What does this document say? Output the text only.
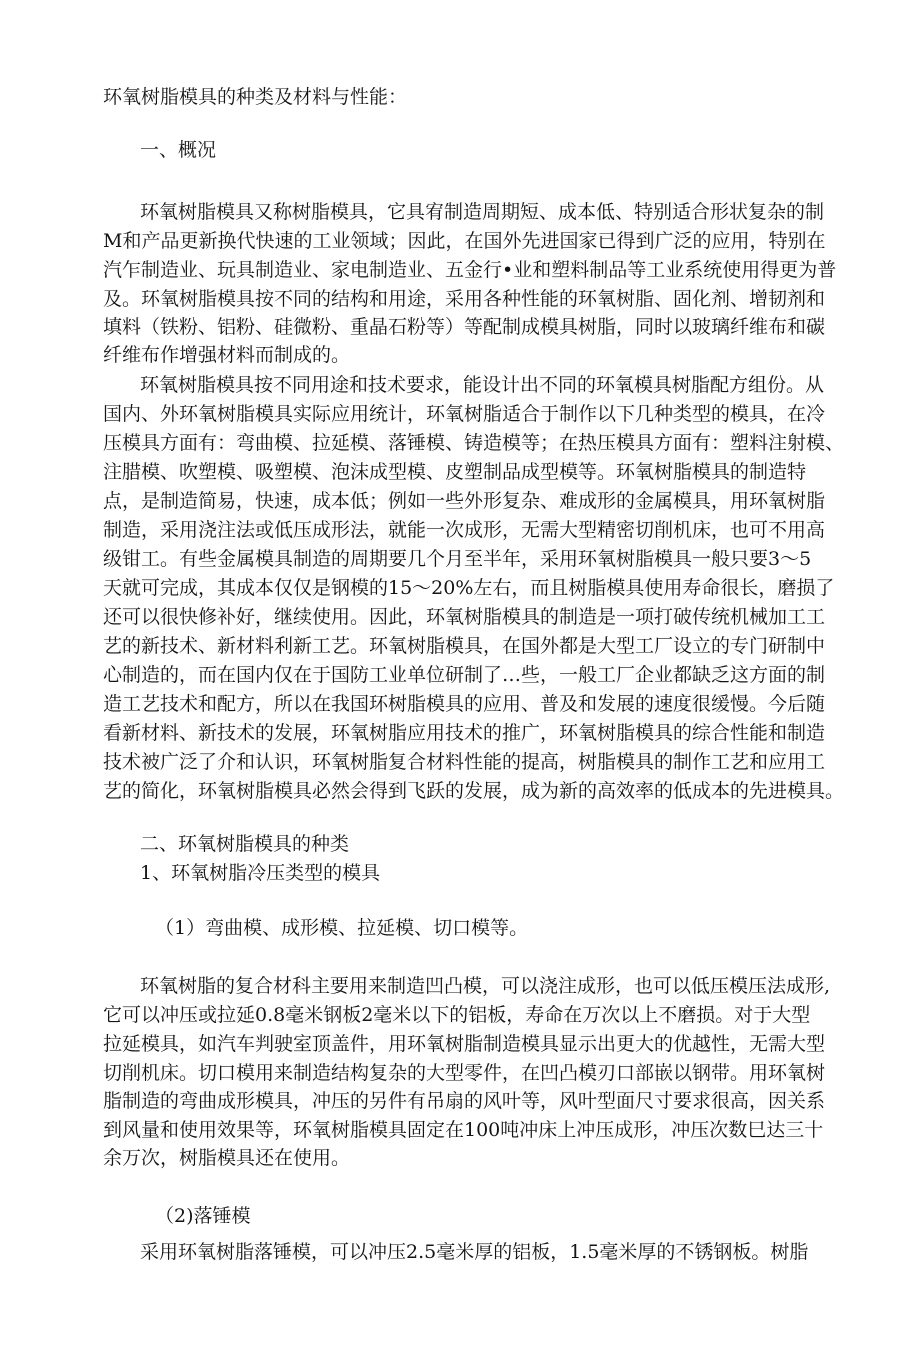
环氧树脂模具的种类及材料与性能：
一、概况
环氧树脂模具又称树脂模具，它具宥制造周期短、成本低、特别适合形状复杂的制
M和产品更新换代快速的工业领域；因此，在国外先进国家已得到广泛的应用，特别在
汽乍制造业、玩具制造业、家电制造业、五金行•业和塑料制品等工业系统使用得更为普
及。环氧树脂模具按不同的结构和用途，采用各种性能的环氧树脂、固化剂、增韧剂和
填料（铁粉、铝粉、硅微粉、重晶石粉等）等配制成模具树脂，同时以玻璃纤维布和碳
纤维布作增强材料而制成的。
环氧树脂模具按不同用途和技术要求，能设计出不同的环氧模具树脂配方组份。从
国内、外环氧树脂模具实际应用统计，环氧树脂适合于制作以下几种类型的模具，在冷
压模具方面有：弯曲模、拉延模、落锤模、铸造模等；在热压模具方面有：塑料注射模、
注腊模、吹塑模、吸塑模、泡沫成型模、皮塑制品成型模等。环氧树脂模具的制造特
点，是制造简易，快速，成本低；例如一些外形复杂、难成形的金属模具，用环氧树脂
制造，采用浇注法或低压成形法，就能一次成形，无需大型精密切削机床，也可不用高
级钳工。有些金属模具制造的周期要几个月至半年，采用环氧树脂模具一般只要3～5
天就可完成，其成本仅仅是钢模的15～20%左右，而且树脂模具使用寿命很长，磨损了
还可以很快修补好，继续使用。因此，环氧树脂模具的制造是一项打破传统机械加工工
艺的新技术、新材料利新工艺。环氧树脂模具，在国外都是大型工厂设立的专门研制中
心制造的，而在国内仅在于国防工业单位研制了…些，一般工厂企业都缺乏这方面的制
造工艺技术和配方，所以在我国环树脂模具的应用、普及和发展的速度很缓慢。今后随
看新材料、新技术的发展，环氧树脂应用技术的推广，环氧树脂模具的综合性能和制造
技术被广泛了介和认识，环氧树脂复合材料性能的提高，树脂模具的制作工艺和应用工
艺的简化，环氧树脂模具必然会得到飞跃的发展，成为新的高效率的低成本的先进模具。
二、环氧树脂模具的种类
1、环氧树脂冷压类型的模具
（1）弯曲模、成形模、拉延模、切口模等。
环氧树脂的复合材科主要用来制造凹凸模，可以浇注成形，也可以低压模压法成形,
它可以冲压或拉延0.8毫米钢板2毫米以下的铝板，寿命在万次以上不磨损。对于大型
拉延模具，如汽车判驶室顶盖件，用环氧树脂制造模具显示出更大的优越性，无需大型
切削机床。切口模用来制造结构复杂的大型零件，在凹凸模刃口部嵌以钢带。用环氧树
脂制造的弯曲成形模具，冲压的另件有吊扇的风叶等，风叶型面尺寸要求很高，因关系
到风量和使用效果等，环氧树脂模具固定在100吨冲床上冲压成形，冲压次数巳达三十
余万次，树脂模具还在使用。
（2)落锤模
采用环氧树脂落锤模，可以冲压2.5毫米厚的铝板，1.5毫米厚的不锈钢板。树脂
